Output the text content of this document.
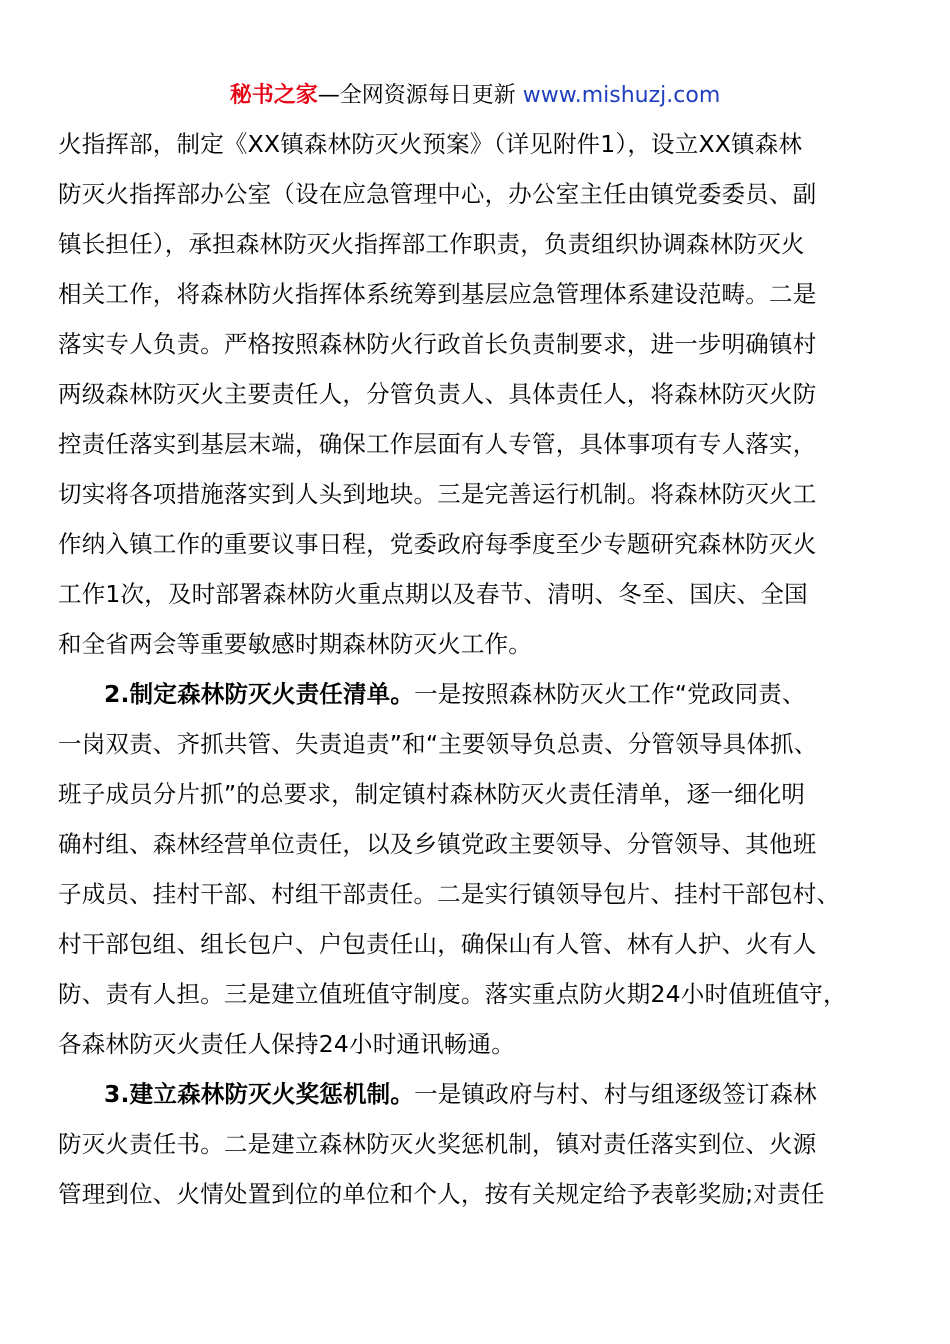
秘书之家—全网资源每日更新 www.mishuzj.com
火指挥部，制定《XX镇森林防灭火预案》（详见附件1），设立XX镇森林
防灭火指挥部办公室（设在应急管理中心，办公室主任由镇党委委员、副
镇长担任），承担森林防灭火指挥部工作职责，负责组织协调森林防灭火
相关工作，将森林防火指挥体系统筹到基层应急管理体系建设范畴。二是
落实专人负责。严格按照森林防火行政首长负责制要求，进一步明确镇村
两级森林防灭火主要责任人，分管负责人、具体责任人，将森林防灭火防
控责任落实到基层末端，确保工作层面有人专管，具体事项有专人落实，
切实将各项措施落实到人头到地块。三是完善运行机制。将森林防灭火工
作纳入镇工作的重要议事日程，党委政府每季度至少专题研究森林防灭火
工作1次，及时部署森林防火重点期以及春节、清明、冬至、国庆、全国
和全省两会等重要敏感时期森林防灭火工作。
2.制定森林防灭火责任清单。一是按照森林防灭火工作“党政同责、
一岗双责、齐抓共管、失责追责”和“主要领导负总责、分管领导具体抓、
班子成员分片抓”的总要求，制定镇村森林防灭火责任清单，逐一细化明
确村组、森林经营单位责任，以及乡镇党政主要领导、分管领导、其他班
子成员、挂村干部、村组干部责任。二是实行镇领导包片、挂村干部包村、
村干部包组、组长包户、户包责任山，确保山有人管、林有人护、火有人
防、责有人担。三是建立值班值守制度。落实重点防火期24小时值班值守，
各森林防灭火责任人保持24小时通讯畅通。
3.建立森林防灭火奖惩机制。一是镇政府与村、村与组逐级签订森林
防灭火责任书。二是建立森林防灭火奖惩机制，镇对责任落实到位、火源
管理到位、火情处置到位的单位和个人，按有关规定给予表彰奖励;对责任
